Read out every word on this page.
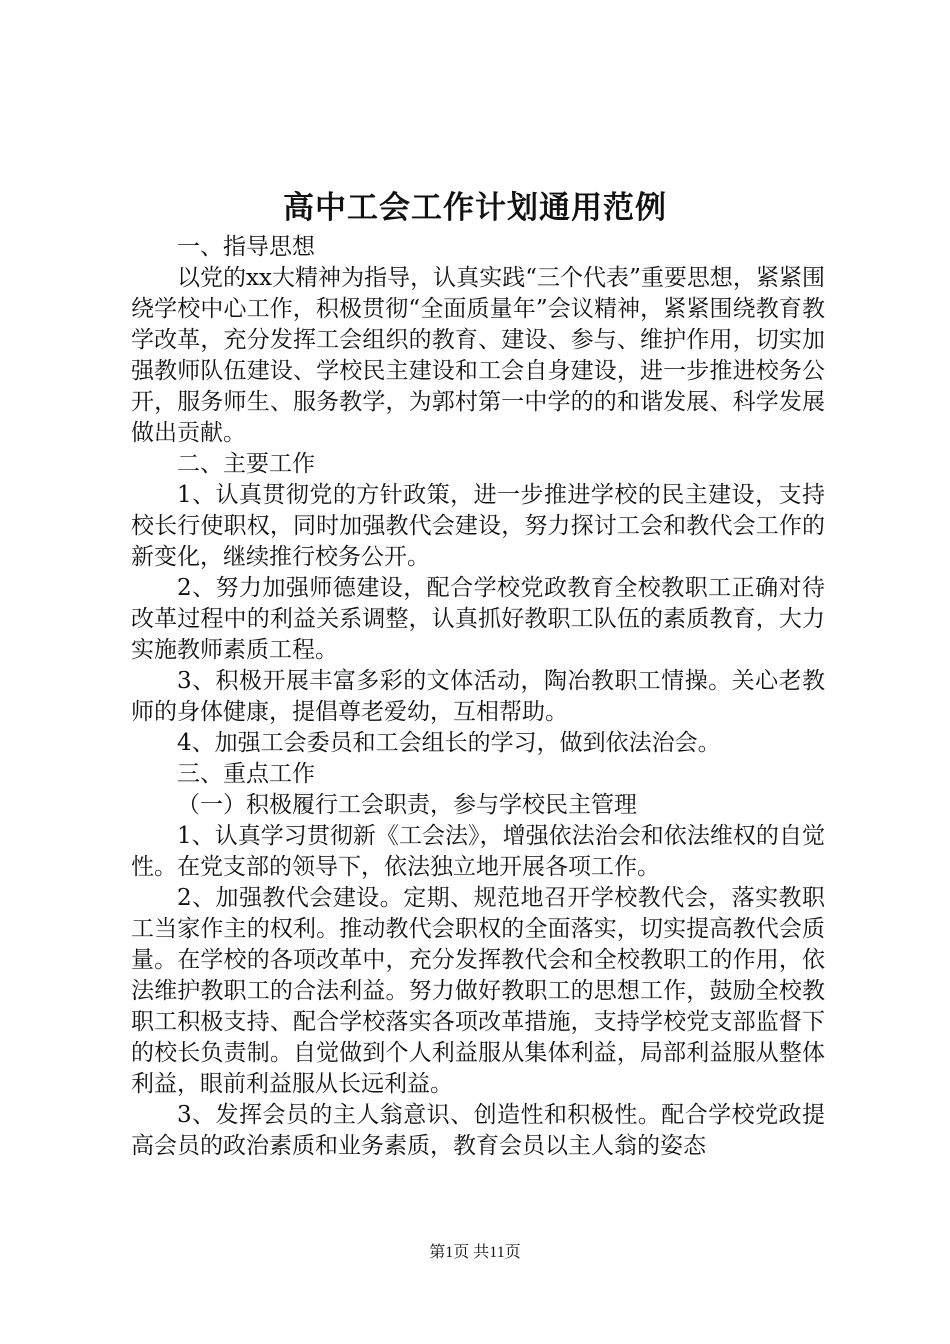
高中工会工作计划通用范例

一、指导思想

以党的xx大精神为指导，认真实践“三个代表”重要思想，紧紧围绕学校中心工作，积极贯彻“全面质量年”会议精神，紧紧围绕教育教学改革，充分发挥工会组织的教育、建设、参与、维护作用，切实加强教师队伍建设、学校民主建设和工会自身建设，进一步推进校务公开，服务师生、服务教学，为郭村第一中学的的和谐发展、科学发展做出贡献。

二、主要工作

1、认真贯彻党的方针政策，进一步推进学校的民主建设，支持校长行使职权，同时加强教代会建设，努力探讨工会和教代会工作的新变化，继续推行校务公开。

2、努力加强师德建设，配合学校党政教育全校教职工正确对待改革过程中的利益关系调整，认真抓好教职工队伍的素质教育，大力实施教师素质工程。

3、积极开展丰富多彩的文体活动，陶冶教职工情操。关心老教师的身体健康，提倡尊老爱幼，互相帮助。

4、加强工会委员和工会组长的学习，做到依法治会。

三、重点工作

（一）积极履行工会职责，参与学校民主管理

1、认真学习贯彻新《工会法》，增强依法治会和依法维权的自觉性。在党支部的领导下，依法独立地开展各项工作。

2、加强教代会建设。定期、规范地召开学校教代会，落实教职工当家作主的权利。推动教代会职权的全面落实，切实提高教代会质量。在学校的各项改革中，充分发挥教代会和全校教职工的作用，依法维护教职工的合法利益。努力做好教职工的思想工作，鼓励全校教职工积极支持、配合学校落实各项改革措施，支持学校党支部监督下的校长负责制。自觉做到个人利益服从集体利益，局部利益服从整体利益，眼前利益服从长远利益。

3、发挥会员的主人翁意识、创造性和积极性。配合学校党政提高会员的政治素质和业务素质，教育会员以主人翁的姿态

第1页 共11页
